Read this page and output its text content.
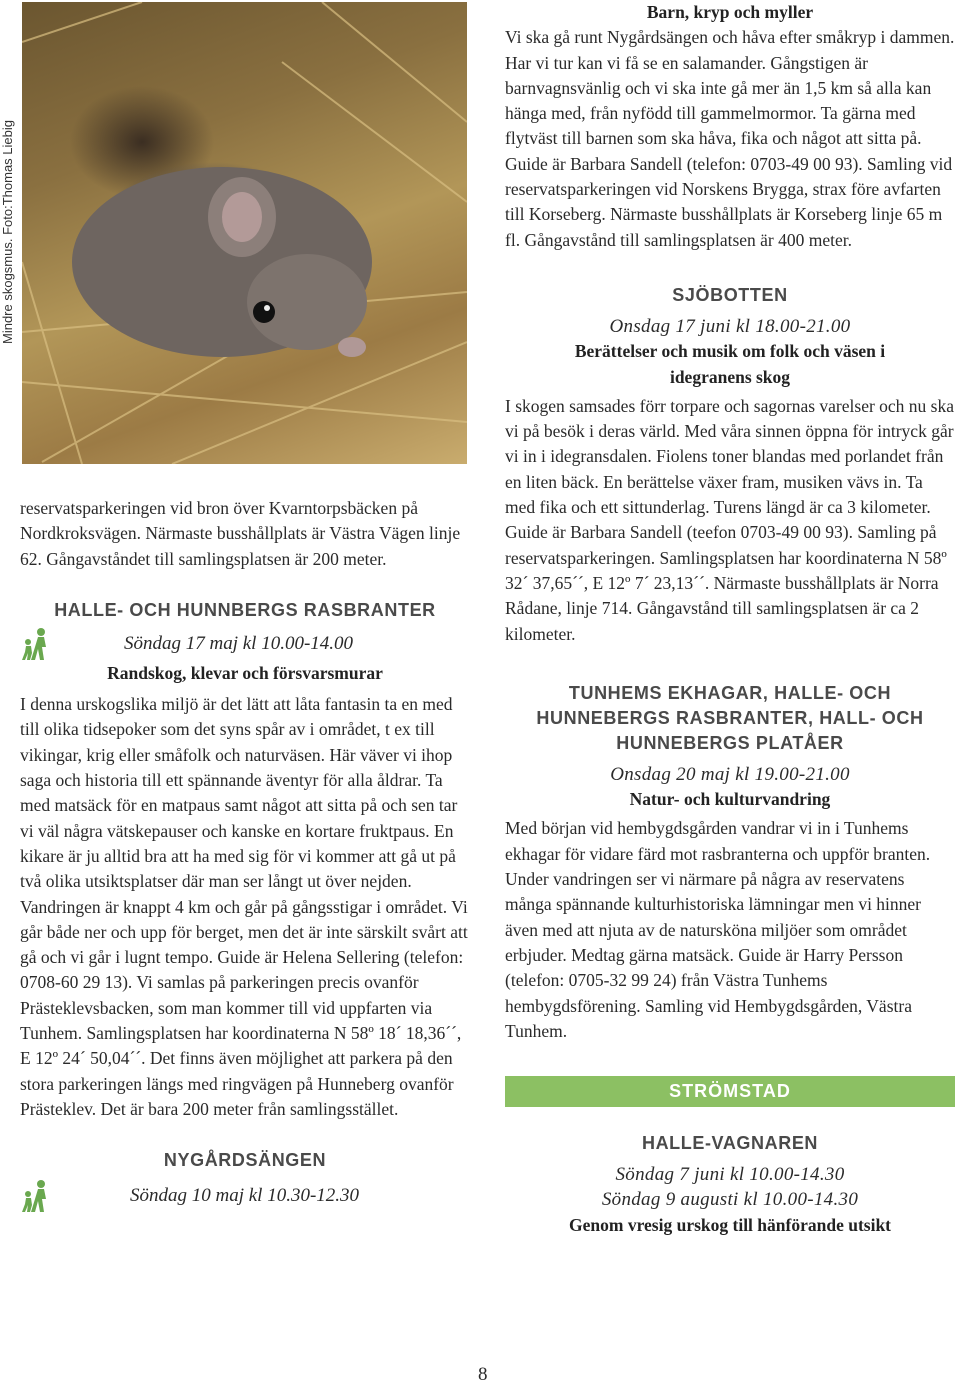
Mindre skogsmus. Foto:Thomas Liebig

reservatsparkeringen vid bron över Kvarntorpsbäcken på Nordkroksvägen. Närmaste busshållplats är Västra Vägen linje 62. Gångavståndet till samlingsplatsen är 200 meter.

HALLE- OCH HUNNBERGS RASBRANTER
Söndag 17 maj kl 10.00-14.00
Randskog, klevar och försvarsmurar

I denna urskogslika miljö är det lätt att låta fantasin ta en med till olika tidsepoker som det syns spår av i området, t ex till vikingar, krig eller småfolk och naturväsen. Här väver vi ihop saga och historia till ett spännande äventyr för alla åldrar. Ta med matsäck för en matpaus samt något att sitta på och sen tar vi väl några vätskepauser och kanske en kortare fruktpaus. En kikare är ju alltid bra att ha med sig för vi kommer att gå ut på två olika utsiktsplatser där man ser långt ut över nejden. Vandringen är knappt 4 km och går på gångsstigar i området. Vi går både ner och upp för berget, men det är inte särskilt svårt att gå och vi går i lugnt tempo. Guide är Helena Sellering (telefon: 0708-60 29 13). Vi samlas på parkeringen precis ovanför Prästeklevsbacken, som man kommer till vid uppfarten via Tunhem. Samlingsplatsen har koordinaterna N 58º 18´ 18,36´´, E 12º 24´ 50,04´´. Det finns även möjlighet att parkera på den stora parkeringen längs med ringvägen på Hunneberg ovanför Prästeklev. Det är bara 200 meter från samlingsstället.

NYGÅRDSÄNGEN
Söndag 10 maj kl 10.30-12.30
Barn, kryp och myller

Vi ska gå runt Nygårdsängen och håva efter småkryp i dammen. Har vi tur kan vi få se en salamander. Gångstigen är barnvagnsvänlig och vi ska inte gå mer än 1,5 km så alla kan hänga med, från nyfödd till gammelmormor. Ta gärna med flytväst till barnen som ska håva, fika och något att sitta på. Guide är Barbara Sandell (telefon: 0703-49 00 93). Samling vid reservatsparkeringen vid Norskens Brygga, strax före avfarten till Korseberg. Närmaste busshållplats är Korseberg linje 65 m fl. Gångavstånd till samlingsplatsen är 400 meter.

SJÖBOTTEN
Onsdag 17 juni kl 18.00-21.00
Berättelser och musik om folk och väsen i idegranens skog

I skogen samsades förr torpare och sagornas varelser och nu ska vi på besök i deras värld. Med våra sinnen öppna för intryck går vi in i idegransdalen. Fiolens toner blandas med porlandet från en liten bäck. En berättelse växer fram, musiken vävs in. Ta med fika och ett sittunderlag. Turens längd är ca 3 kilometer. Guide är Barbara Sandell (teefon 0703-49 00 93). Samling på reservatsparkeringen. Samlingsplatsen har koordinaterna N 58º 32´ 37,65´´, E 12º 7´ 23,13´´. Närmaste busshållplats är Norra Rådane, linje 714. Gångavstånd till samlingsplatsen är ca 2 kilometer.

TUNHEMS EKHAGAR, HALLE- OCH HUNNEBERGS RASBRANTER, HALL- OCH HUNNEBERGS PLATÅER
Onsdag 20 maj kl 19.00-21.00
Natur- och kulturvandring

Med början vid hembygdsgården vandrar vi in i Tunhems ekhagar för vidare färd mot rasbranterna och uppför branten. Under vandringen ser vi närmare på några av reservatens många spännande kulturhistoriska lämningar men vi hinner även med att njuta av de natursköna miljöer som området erbjuder. Medtag gärna matsäck. Guide är Harry Persson (telefon: 0705-32 99 24) från Västra Tunhems hembygdsförening. Samling vid Hembygdsgården, Västra Tunhem.

STRÖMSTAD
HALLE-VAGNAREN
Söndag 7 juni kl 10.00-14.30
Söndag 9 augusti kl 10.00-14.30
Genom vresig urskog till hänförande utsikt
8
